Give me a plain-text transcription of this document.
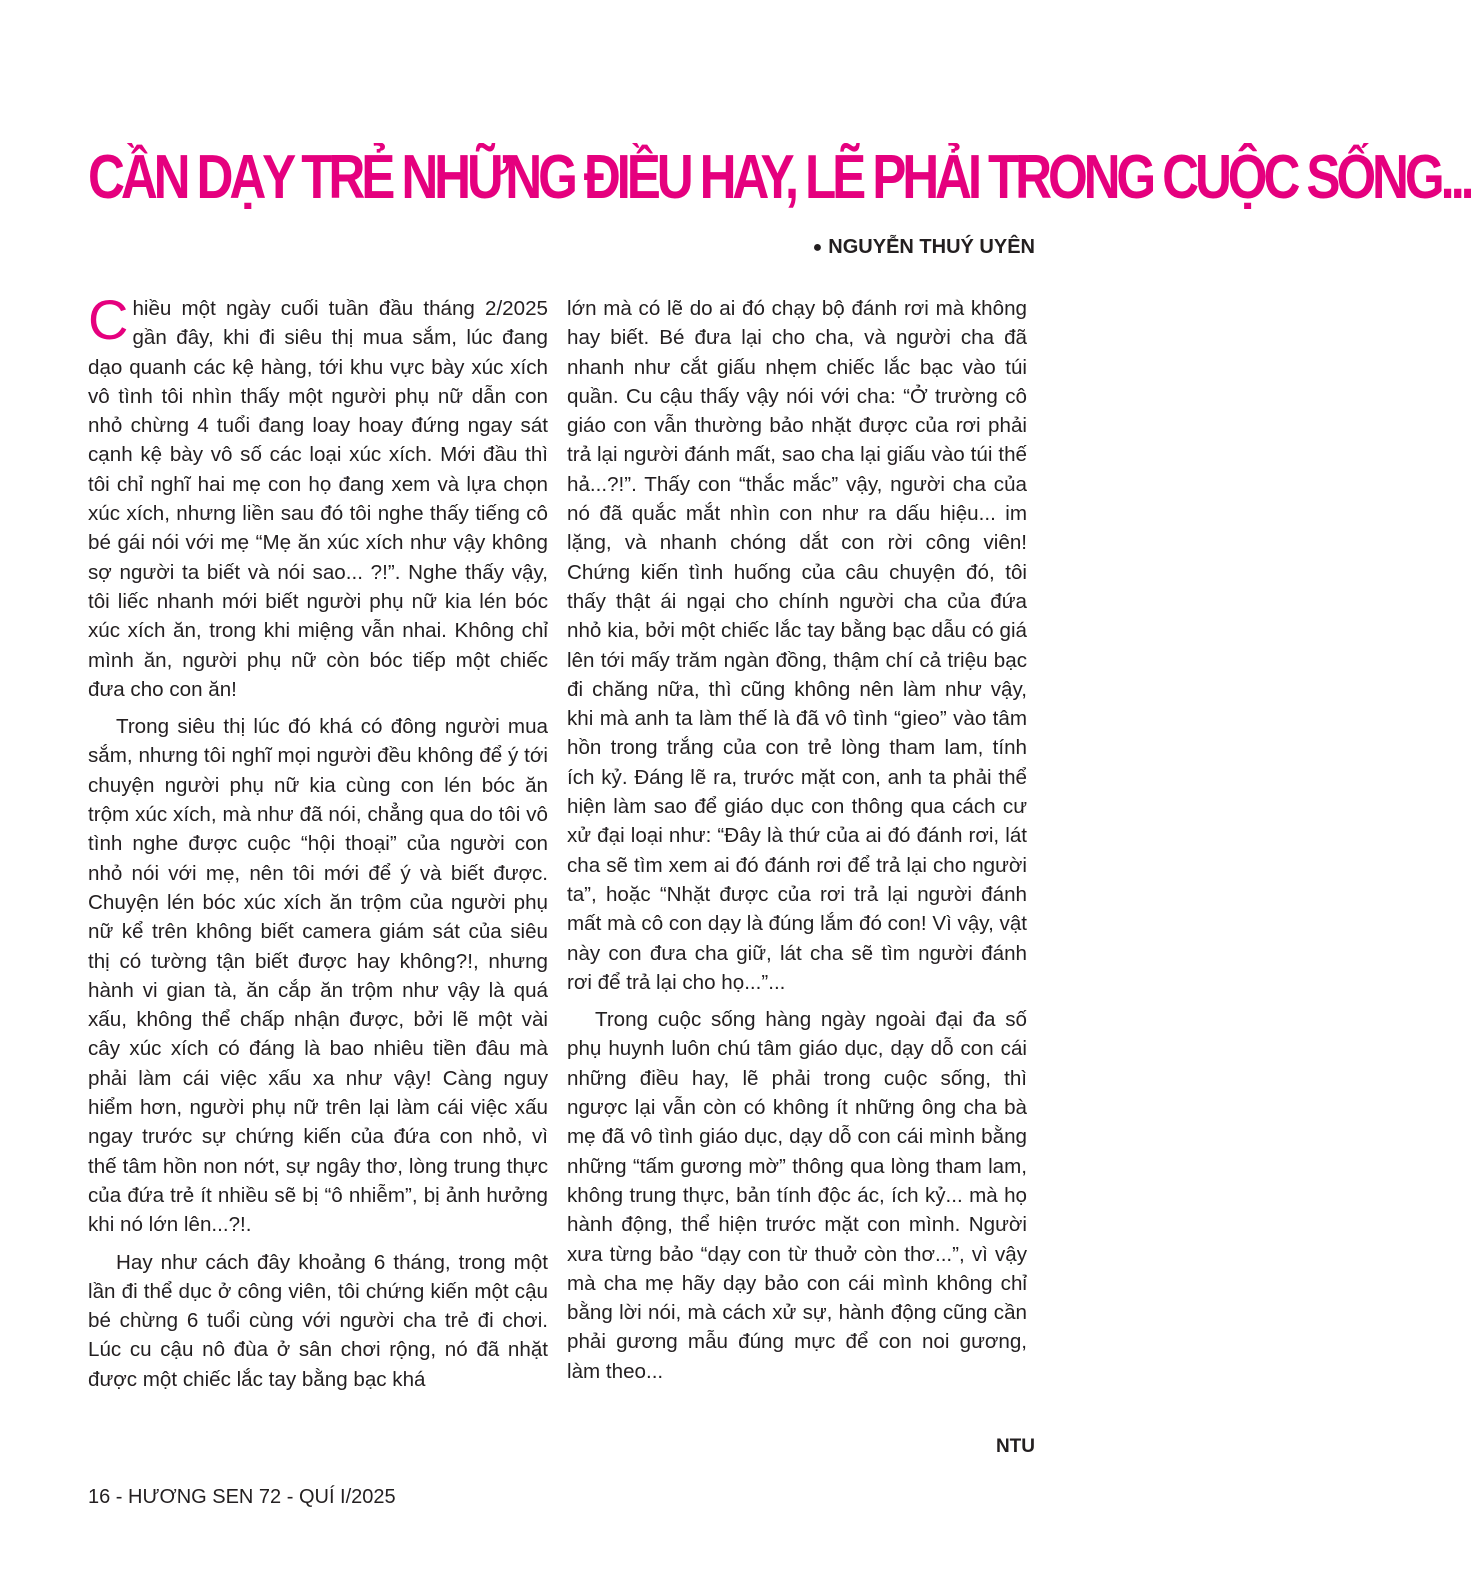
CẦN DẠY TRẺ NHỮNG ĐIỀU HAY, LẼ PHẢI TRONG CUỘC SỐNG...
● NGUYỄN THUÝ UYÊN

Chiều một ngày cuối tuần đầu tháng 2/2025 gần đây, khi đi siêu thị mua sắm, lúc đang dạo quanh các kệ hàng, tới khu vực bày xúc xích vô tình tôi nhìn thấy một người phụ nữ dẫn con nhỏ chừng 4 tuổi đang loay hoay đứng ngay sát cạnh kệ bày vô số các loại xúc xích. Mới đầu thì tôi chỉ nghĩ hai mẹ con họ đang xem và lựa chọn xúc xích, nhưng liền sau đó tôi nghe thấy tiếng cô bé gái nói với mẹ “Mẹ ăn xúc xích như vậy không sợ người ta biết và nói sao... ?!”. Nghe thấy vậy, tôi liếc nhanh mới biết người phụ nữ kia lén bóc xúc xích ăn, trong khi miệng vẫn nhai. Không chỉ mình ăn, người phụ nữ còn bóc tiếp một chiếc đưa cho con ăn!

Trong siêu thị lúc đó khá có đông người mua sắm, nhưng tôi nghĩ mọi người đều không để ý tới chuyện người phụ nữ kia cùng con lén bóc ăn trộm xúc xích, mà như đã nói, chẳng qua do tôi vô tình nghe được cuộc “hội thoại” của người con nhỏ nói với mẹ, nên tôi mới để ý và biết được. Chuyện lén bóc xúc xích ăn trộm của người phụ nữ kể trên không biết camera giám sát của siêu thị có tường tận biết được hay không?!, nhưng hành vi gian tà, ăn cắp ăn trộm như vậy là quá xấu, không thể chấp nhận được, bởi lẽ một vài cây xúc xích có đáng là bao nhiêu tiền đâu mà phải làm cái việc xấu xa như vậy! Càng nguy hiểm hơn, người phụ nữ trên lại làm cái việc xấu ngay trước sự chứng kiến của đứa con nhỏ, vì thế tâm hồn non nớt, sự ngây thơ, lòng trung thực của đứa trẻ ít nhiều sẽ bị “ô nhiễm”, bị ảnh hưởng khi nó lớn lên...?!.

Hay như cách đây khoảng 6 tháng, trong một lần đi thể dục ở công viên, tôi chứng kiến một cậu bé chừng 6 tuổi cùng với người cha trẻ đi chơi. Lúc cu cậu nô đùa ở sân chơi rộng, nó đã nhặt được một chiếc lắc tay bằng bạc khá

lớn mà có lẽ do ai đó chạy bộ đánh rơi mà không hay biết. Bé đưa lại cho cha, và người cha đã nhanh như cắt giấu nhẹm chiếc lắc bạc vào túi quần. Cu cậu thấy vậy nói với cha: “Ở trường cô giáo con vẫn thường bảo nhặt được của rơi phải trả lại người đánh mất, sao cha lại giấu vào túi thế hả...?!”. Thấy con “thắc mắc” vậy, người cha của nó đã quắc mắt nhìn con như ra dấu hiệu... im lặng, và nhanh chóng dắt con rời công viên! Chứng kiến tình huống của câu chuyện đó, tôi thấy thật ái ngại cho chính người cha của đứa nhỏ kia, bởi một chiếc lắc tay bằng bạc dẫu có giá lên tới mấy trăm ngàn đồng, thậm chí cả triệu bạc đi chăng nữa, thì cũng không nên làm như vậy, khi mà anh ta làm thế là đã vô tình “gieo” vào tâm hồn trong trắng của con trẻ lòng tham lam, tính ích kỷ. Đáng lẽ ra, trước mặt con, anh ta phải thể hiện làm sao để giáo dục con thông qua cách cư xử đại loại như: “Đây là thứ của ai đó đánh rơi, lát cha sẽ tìm xem ai đó đánh rơi để trả lại cho người ta”, hoặc “Nhặt được của rơi trả lại người đánh mất mà cô con dạy là đúng lắm đó con! Vì vậy, vật này con đưa cha giữ, lát cha sẽ tìm người đánh rơi để trả lại cho họ...”...

Trong cuộc sống hàng ngày ngoài đại đa số phụ huynh luôn chú tâm giáo dục, dạy dỗ con cái những điều hay, lẽ phải trong cuộc sống, thì ngược lại vẫn còn có không ít những ông cha bà mẹ đã vô tình giáo dục, dạy dỗ con cái mình bằng những “tấm gương mờ” thông qua lòng tham lam, không trung thực, bản tính độc ác, ích kỷ... mà họ hành động, thể hiện trước mặt con mình. Người xưa từng bảo “dạy con từ thuở còn thơ...”, vì vậy mà cha mẹ hãy dạy bảo con cái mình không chỉ bằng lời nói, mà cách xử sự, hành động cũng cần phải gương mẫu đúng mực để con noi gương, làm theo...

NTU
16 - HƯƠNG SEN 72 - QUÍ I/2025
